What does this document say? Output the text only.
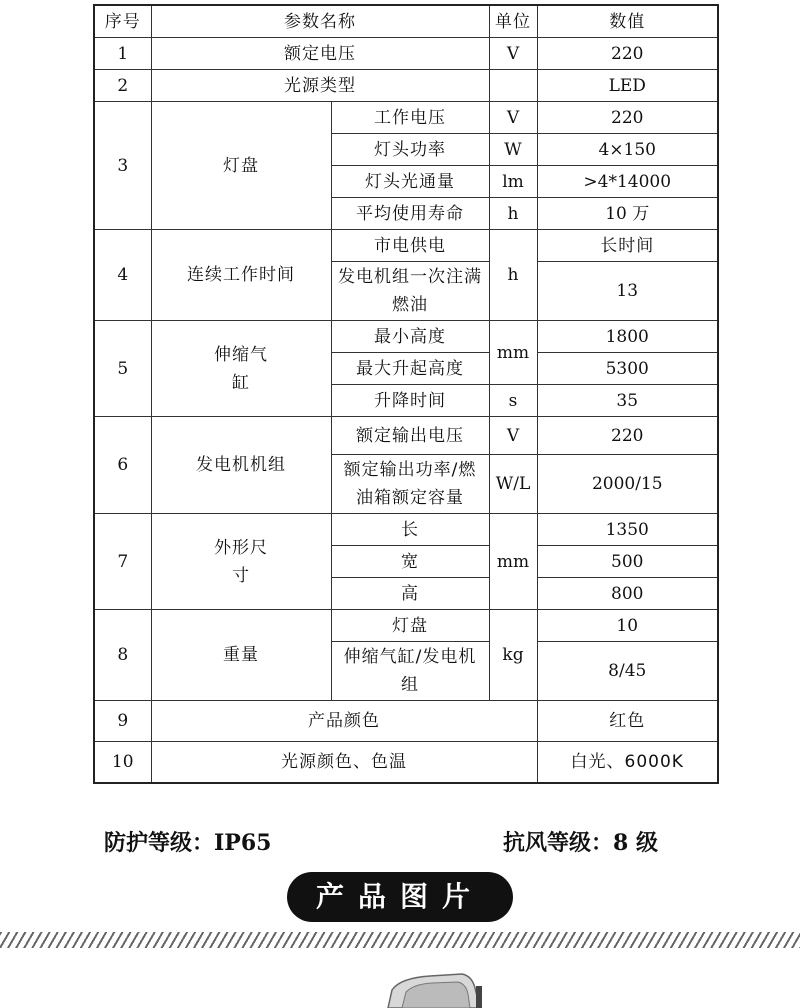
序号	参数名称		单位	数值
1	额定电压		V	220
2	光源类型			LED
3	灯盘	工作电压	V	220
		灯头功率	W	4×150
		灯头光通量	lm	>4*14000
		平均使用寿命	h	10 万
4	连续工作时间	市电供电	h	长时间
		发电机组一次注满燃油		13
5	伸缩气缸	最小高度	mm	1800
		最大升起高度		5300
		升降时间	s	35
6	发电机机组	额定输出电压	V	220
		额定输出功率/燃油箱额定容量	W/L	2000/15
7	外形尺寸	长	mm	1350
		宽		500
		高		800
8	重量	灯盘	kg	10
		伸缩气缸/发电机组		8/45
9	产品颜色			红色
10	光源颜色、色温			白光、6000K
防护等级：IP65	抗风等级：8 级
产品图片
